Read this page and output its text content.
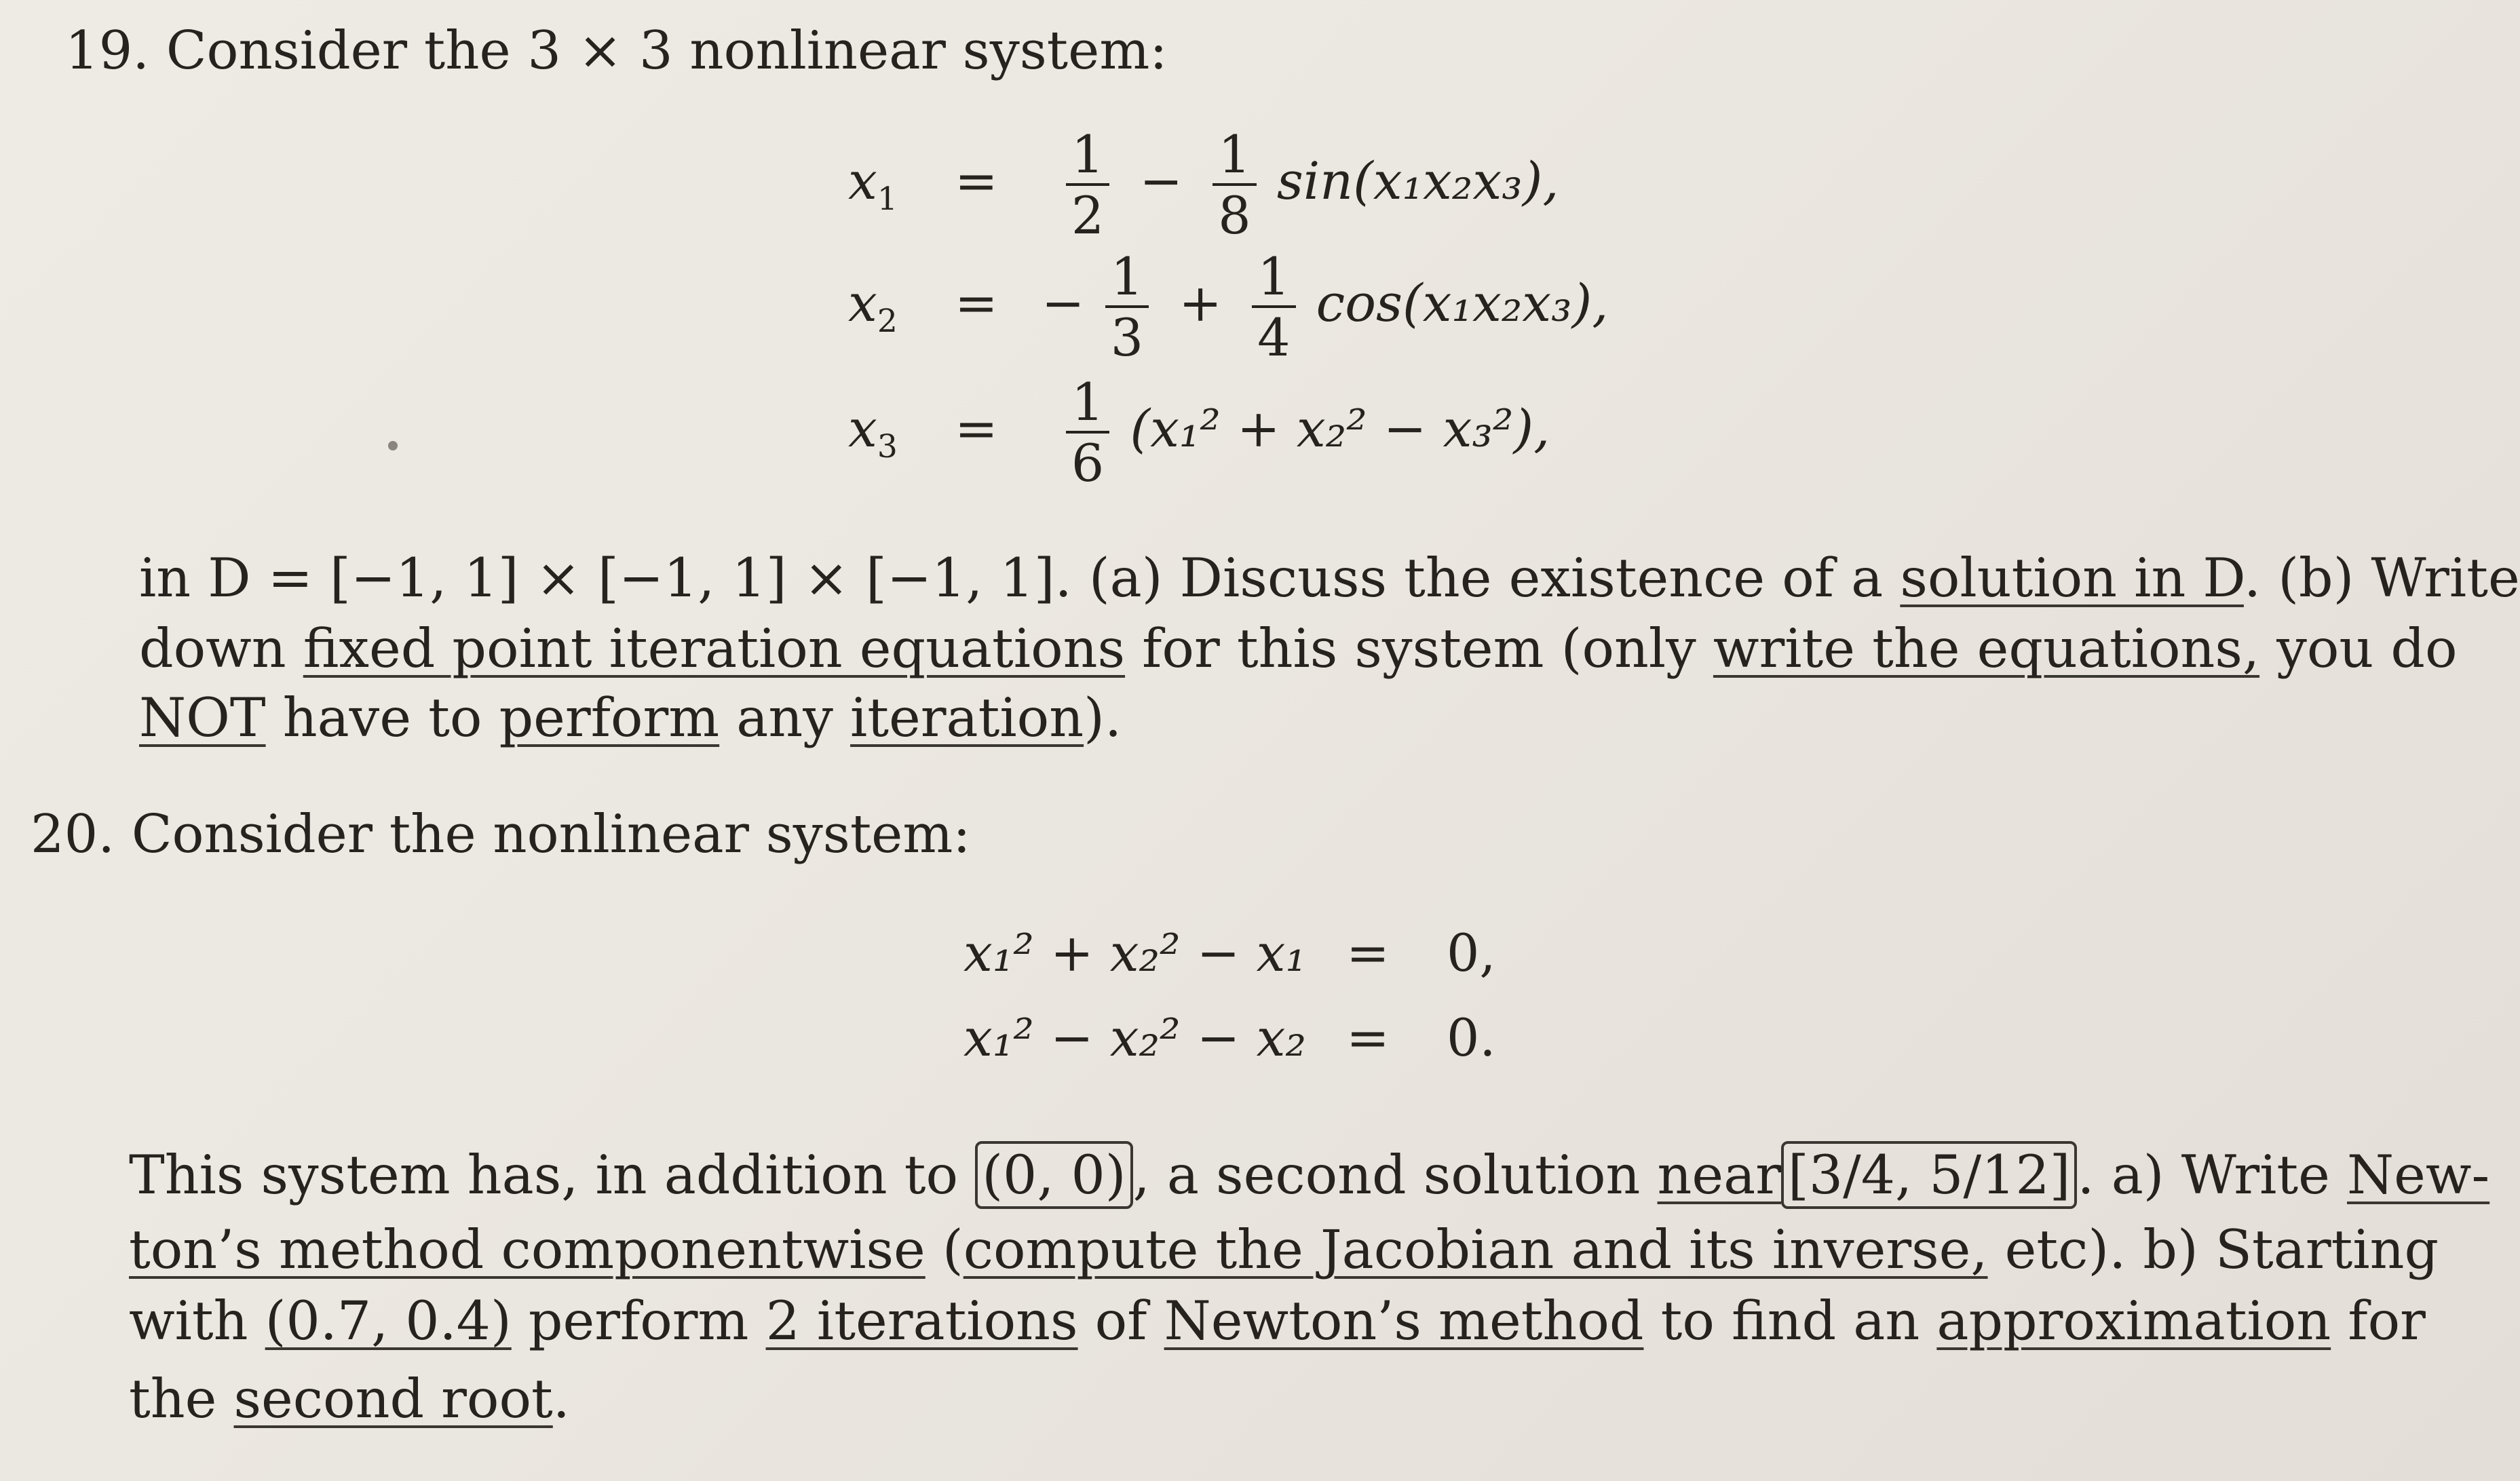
19. Consider the 3 × 3 nonlinear system:
$x_1 = \frac{1}{2} - \frac{1}{8} \sin(x_1x_2x_3)$,
$x_2$ = − $\frac{1}{3} + \frac{1}{4} \cos(x_1x_2x_3)$,
$x_3 = \frac{1}{6} (x_1^2 + x_2^2 - x_3^2)$,
in D = [−1, 1] × [−1, 1] × [−1, 1]. (a) Discuss the existence of a solution in D. (b) Write
down fixed point iteration equations for this system (only write the equations, you do
NOT have to perform any iteration).
20. Consider the nonlinear system:
x₁² + x₂² − x₁ = 0,
x₁² − x₂² − x₂ = 0.
This system has, in addition to (0, 0) , a second solution near [3/4, 5/12] . a) Write New-
ton’s method componentwise (compute the Jacobian and its inverse, etc). b) Starting
with (0.7, 0.4) perform 2 iterations of Newton’s method to find an approximation for
the second root.
